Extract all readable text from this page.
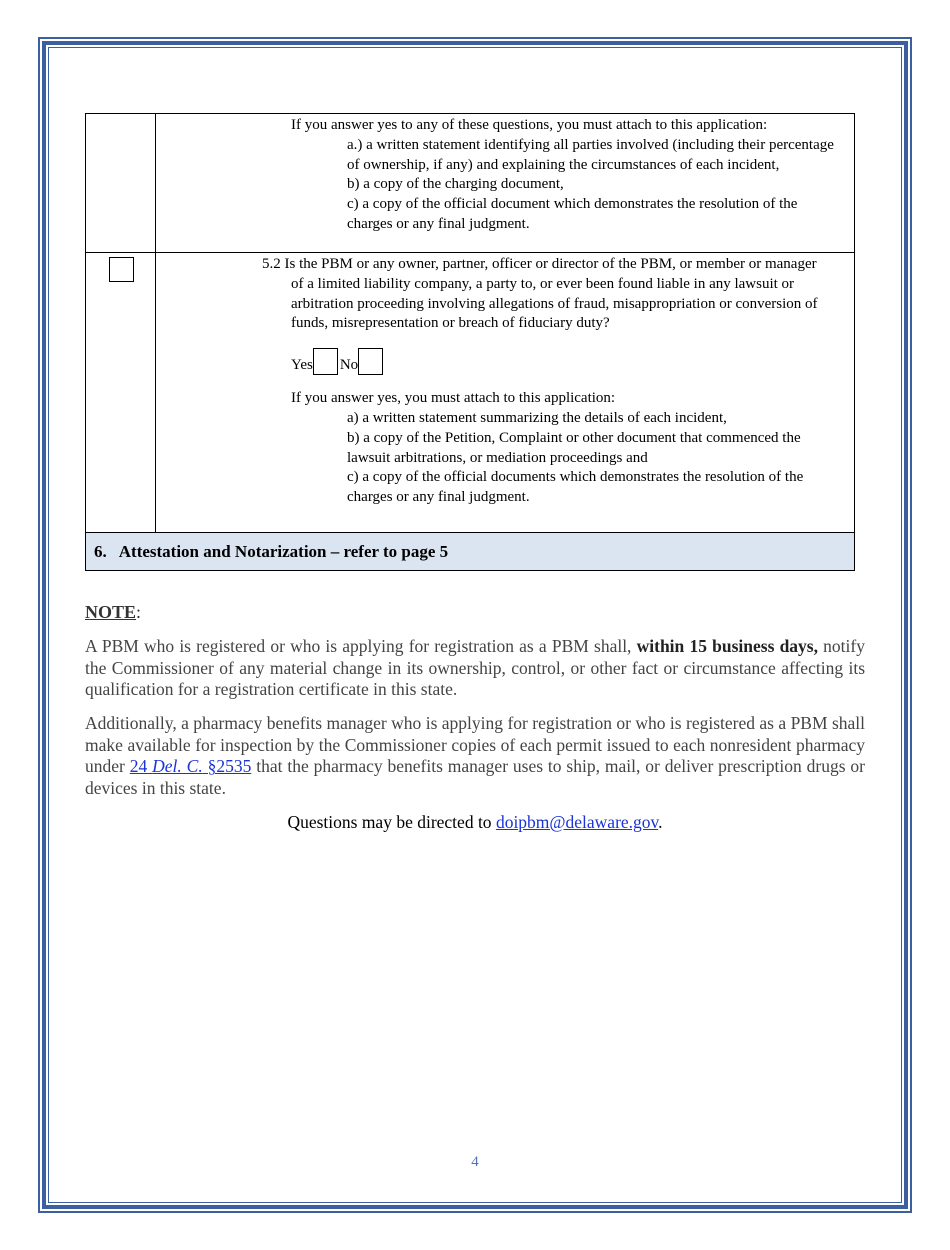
If you answer yes to any of these questions, you must attach to this application:
a.) a written statement identifying all parties involved (including their percentage
of ownership, if any) and explaining the circumstances of each incident,
b) a copy of the charging document,
c) a copy of the official document which demonstrates the resolution of the
charges or any final judgment.
5.2 Is the PBM or any owner, partner, officer or director of the PBM, or member or manager
of a limited liability company, a party to, or ever been found liable in any lawsuit or
arbitration proceeding involving allegations of fraud, misappropriation or conversion of
funds, misrepresentation or breach of fiduciary duty?
Yes No
If you answer yes, you must attach to this application:
a) a written statement summarizing the details of each incident,
b) a copy of the Petition, Complaint or other document that commenced the
lawsuit arbitrations, or mediation proceedings and
c) a copy of the official documents which demonstrates the resolution of the
charges or any final judgment.
6. Attestation and Notarization – refer to page 5
NOTE:
A PBM who is registered or who is applying for registration as a PBM shall, within 15 business days, notify the Commissioner of any material change in its ownership, control, or other fact or circumstance affecting its qualification for a registration certificate in this state.
Additionally, a pharmacy benefits manager who is applying for registration or who is registered as a PBM shall make available for inspection by the Commissioner copies of each permit issued to each nonresident pharmacy under 24 Del. C. §2535 that the pharmacy benefits manager uses to ship, mail, or deliver prescription drugs or devices in this state.
Questions may be directed to doipbm@delaware.gov.
4
